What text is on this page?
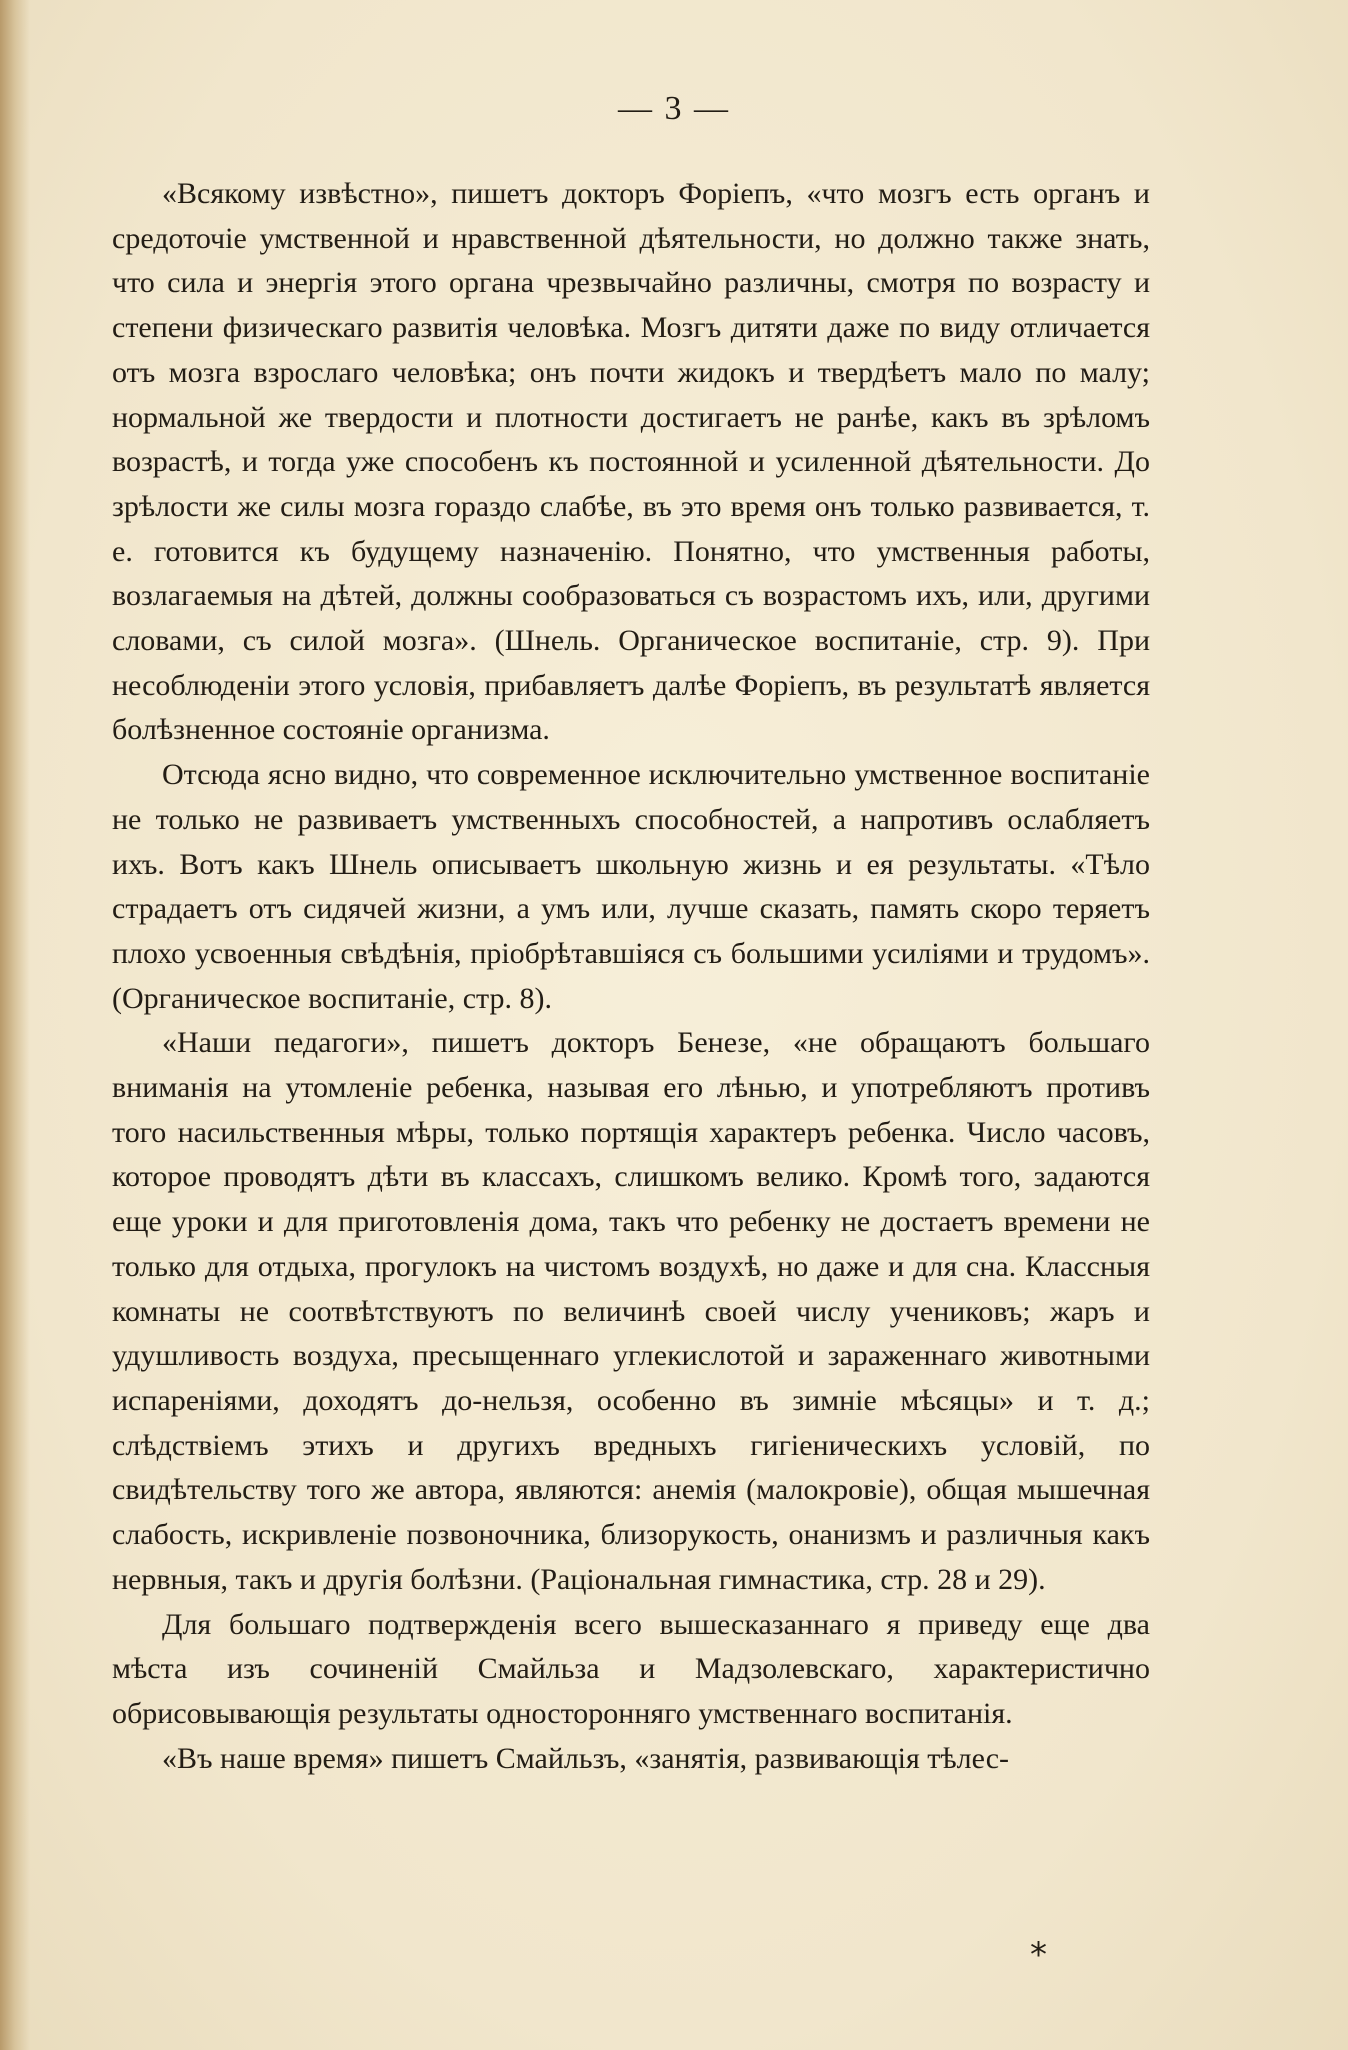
— 3 —

«Всякому извѣстно», пишетъ докторъ Форіепъ, «что мозгъ есть органъ и средоточіе умственной и нравственной дѣятельности, но должно также знать, что сила и энергія этого органа чрезвычайно различны, смотря по возрасту и степени физическаго развитія человѣка. Мозгъ дитяти даже по виду отличается отъ мозга взрослаго человѣка; онъ почти жидокъ и твердѣетъ мало по малу; нормальной же твердости и плотности достигаетъ не ранѣе, какъ въ зрѣломъ возрастѣ, и тогда уже способенъ къ постоянной и усиленной дѣятельности. До зрѣлости же силы мозга гораздо слабѣе, въ это время онъ только развивается, т. е. готовится къ будущему назначенію. Понятно, что умственныя работы, возлагаемыя на дѣтей, должны сообразоваться съ возрастомъ ихъ, или, другими словами, съ силой мозга». (Шнель. Органическое воспитаніе, стр. 9). При несоблюденіи этого условія, прибавляетъ далѣе Форіепъ, въ результатѣ является болѣзненное состояніе организма.

Отсюда ясно видно, что современное исключительно умственное воспитаніе не только не развиваетъ умственныхъ способностей, а напротивъ ослабляетъ ихъ. Вотъ какъ Шнель описываетъ школьную жизнь и ея результаты. «Тѣло страдаетъ отъ сидячей жизни, а умъ или, лучше сказать, память скоро теряетъ плохо усвоенныя свѣдѣнія, пріобрѣтавшіяся съ большими усиліями и трудомъ». (Органическое воспитаніе, стр. 8).

«Наши педагоги», пишетъ докторъ Бенезе, «не обращаютъ большаго вниманія на утомленіе ребенка, называя его лѣнью, и употребляютъ противъ того насильственныя мѣры, только портящія характеръ ребенка. Число часовъ, которое проводятъ дѣти въ классахъ, слишкомъ велико. Кромѣ того, задаются еще уроки и для приготовленія дома, такъ что ребенку не достаетъ времени не только для отдыха, прогулокъ на чистомъ воздухѣ, но даже и для сна. Классныя комнаты не соотвѣтствуютъ по величинѣ своей числу учениковъ; жаръ и удушливость воздуха, пресыщеннаго углекислотой и зараженнаго животными испареніями, доходятъ до-нельзя, особенно въ зимніе мѣсяцы» и т. д.; слѣдствіемъ этихъ и другихъ вредныхъ гигіеническихъ условій, по свидѣтельству того же автора, являются: анемія (малокровіе), общая мышечная слабость, искривленіе позвоночника, близорукость, онанизмъ и различныя какъ нервныя, такъ и другія болѣзни. (Раціональная гимнастика, стр. 28 и 29).

Для большаго подтвержденія всего вышесказаннаго я приведу еще два мѣста изъ сочиненій Смайльза и Мадзолевскаго, характеристично обрисовывающія результаты односторонняго умственнаго воспитанія.

«Въ наше время» пишетъ Смайльзъ, «занятія, развивающія тѣлес-

*
